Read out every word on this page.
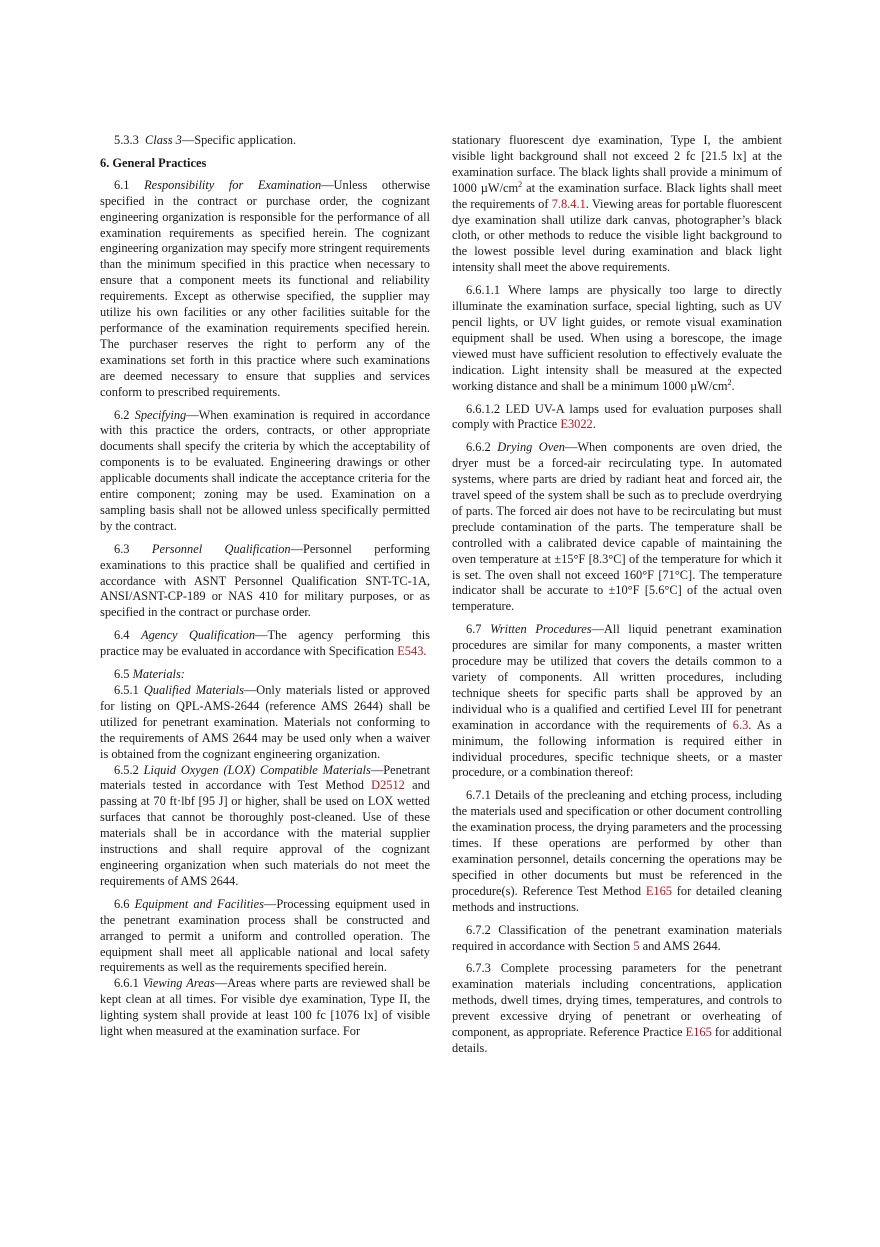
5.3.3 Class 3—Specific application.

6. General Practices

6.1 Responsibility for Examination—Unless otherwise specified in the contract or purchase order, the cognizant engineering organization is responsible for the performance of all examination requirements as specified herein. The cognizant engineering organization may specify more stringent requirements than the minimum specified in this practice when necessary to ensure that a component meets its functional and reliability requirements. Except as otherwise specified, the supplier may utilize his own facilities or any other facilities suitable for the performance of the examination requirements specified herein. The purchaser reserves the right to perform any of the examinations set forth in this practice where such examinations are deemed necessary to ensure that supplies and services conform to prescribed requirements.

6.2 Specifying—When examination is required in accordance with this practice the orders, contracts, or other appropriate documents shall specify the criteria by which the acceptability of components is to be evaluated. Engineering drawings or other applicable documents shall indicate the acceptance criteria for the entire component; zoning may be used. Examination on a sampling basis shall not be allowed unless specifically permitted by the contract.

6.3 Personnel Qualification—Personnel performing examinations to this practice shall be qualified and certified in accordance with ASNT Personnel Qualification SNT-TC-1A, ANSI/ASNT-CP-189 or NAS 410 for military purposes, or as specified in the contract or purchase order.

6.4 Agency Qualification—The agency performing this practice may be evaluated in accordance with Specification E543.

6.5 Materials:

6.5.1 Qualified Materials—Only materials listed or approved for listing on QPL-AMS-2644 (reference AMS 2644) shall be utilized for penetrant examination. Materials not conforming to the requirements of AMS 2644 may be used only when a waiver is obtained from the cognizant engineering organization.

6.5.2 Liquid Oxygen (LOX) Compatible Materials—Penetrant materials tested in accordance with Test Method D2512 and passing at 70 ft·lbf [95 J] or higher, shall be used on LOX wetted surfaces that cannot be thoroughly post-cleaned. Use of these materials shall be in accordance with the material supplier instructions and shall require approval of the cognizant engineering organization when such materials do not meet the requirements of AMS 2644.

6.6 Equipment and Facilities—Processing equipment used in the penetrant examination process shall be constructed and arranged to permit a uniform and controlled operation. The equipment shall meet all applicable national and local safety requirements as well as the requirements specified herein.

6.6.1 Viewing Areas—Areas where parts are reviewed shall be kept clean at all times. For visible dye examination, Type II, the lighting system shall provide at least 100 fc [1076 lx] of visible light when measured at the examination surface. For

stationary fluorescent dye examination, Type I, the ambient visible light background shall not exceed 2 fc [21.5 lx] at the examination surface. The black lights shall provide a minimum of 1000 $\mu W/cm^2$ at the examination surface. Black lights shall meet the requirements of 7.8.4.1. Viewing areas for portable fluorescent dye examination shall utilize dark canvas, photographer’s black cloth, or other methods to reduce the visible light background to the lowest possible level during examination and black light intensity shall meet the above requirements.

6.6.1.1 Where lamps are physically too large to directly illuminate the examination surface, special lighting, such as UV pencil lights, or UV light guides, or remote visual examination equipment shall be used. When using a borescope, the image viewed must have sufficient resolution to effectively evaluate the indication. Light intensity shall be measured at the expected working distance and shall be a minimum 1000 $\mu W/cm^2$.

6.6.1.2 LED UV-A lamps used for evaluation purposes shall comply with Practice E3022.

6.6.2 Drying Oven—When components are oven dried, the dryer must be a forced-air recirculating type. In automated systems, where parts are dried by radiant heat and forced air, the travel speed of the system shall be such as to preclude overdrying of parts. The forced air does not have to be recirculating but must preclude contamination of the parts. The temperature shall be controlled with a calibrated device capable of maintaining the oven temperature at ±15°F [8.3°C] of the temperature for which it is set. The oven shall not exceed 160°F [71°C]. The temperature indicator shall be accurate to ±10°F [5.6°C] of the actual oven temperature.

6.7 Written Procedures—All liquid penetrant examination procedures are similar for many components, a master written procedure may be utilized that covers the details common to a variety of components. All written procedures, including technique sheets for specific parts shall be approved by an individual who is a qualified and certified Level III for penetrant examination in accordance with the requirements of 6.3. As a minimum, the following information is required either in individual procedures, specific technique sheets, or a master procedure, or a combination thereof:

6.7.1 Details of the precleaning and etching process, including the materials used and specification or other document controlling the examination process, the drying parameters and the processing times. If these operations are performed by other than examination personnel, details concerning the operations may be specified in other documents but must be referenced in the procedure(s). Reference Test Method E165 for detailed cleaning methods and instructions.

6.7.2 Classification of the penetrant examination materials required in accordance with Section 5 and AMS 2644.

6.7.3 Complete processing parameters for the penetrant examination materials including concentrations, application methods, dwell times, drying times, temperatures, and controls to prevent excessive drying of penetrant or overheating of component, as appropriate. Reference Practice E165 for additional details.
